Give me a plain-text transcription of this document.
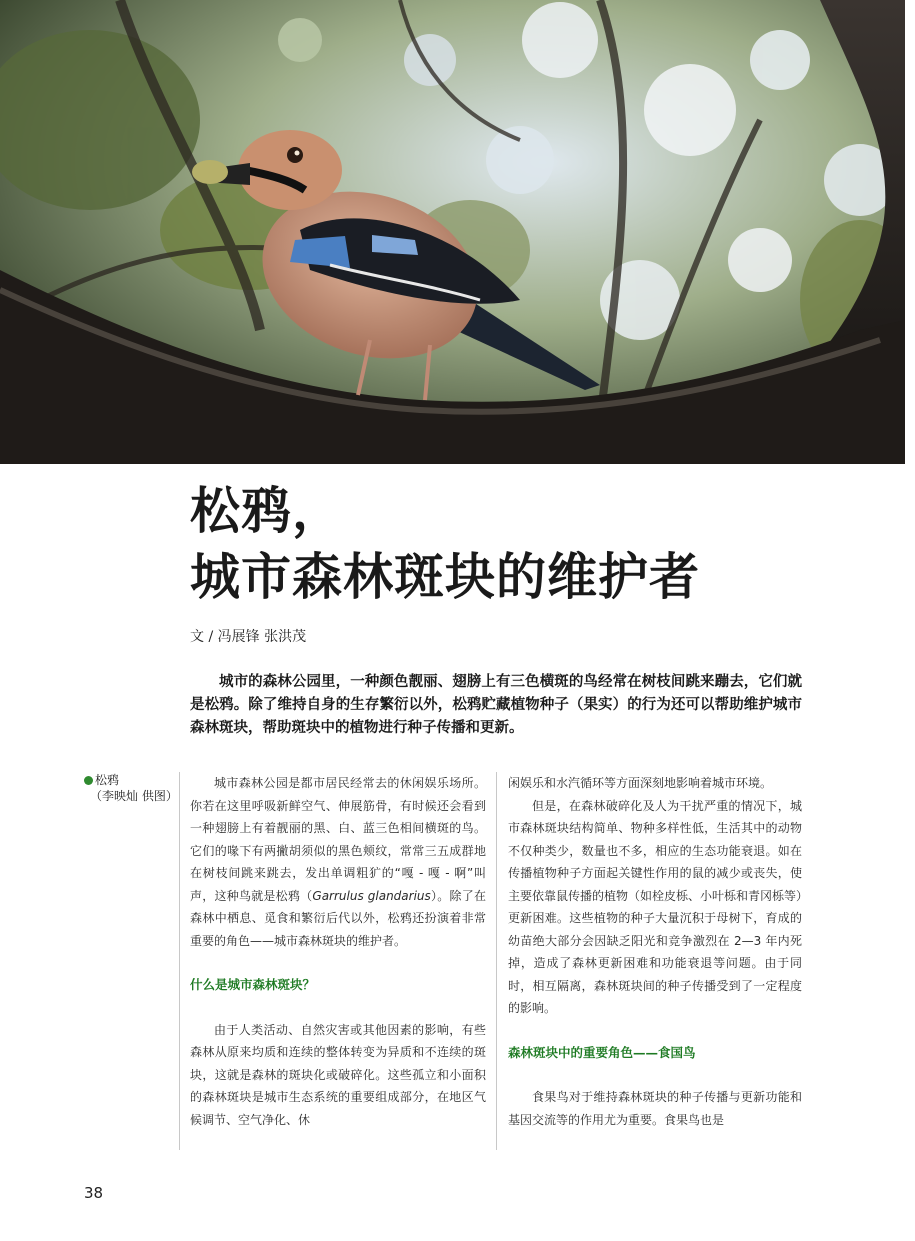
松鸦，
城市森林斑块的维护者
文 / 冯展锋 张洪茂

城市的森林公园里，一种颜色靓丽、翅膀上有三色横斑的鸟经常在树枝间跳来蹦去，它们就是松鸦。除了维持自身的生存繁衍以外，松鸦贮藏植物种子（果实）的行为还可以帮助维护城市森林斑块，帮助斑块中的植物进行种子传播和更新。

松鸦
（李映灿 供图）

城市森林公园是都市居民经常去的休闲娱乐场所。你若在这里呼吸新鲜空气、伸展筋骨，有时候还会看到一种翅膀上有着靓丽的黑、白、蓝三色相间横斑的鸟。它们的喙下有两撇胡须似的黑色颊纹，常常三五成群地在树枝间跳来跳去，发出单调粗犷的“嘎 - 嘎 - 啊”叫声，这种鸟就是松鸦（Garrulus glandarius）。除了在森林中栖息、觅食和繁衍后代以外，松鸦还扮演着非常重要的角色——城市森林斑块的维护者。

什么是城市森林斑块？

由于人类活动、自然灾害或其他因素的影响，有些森林从原来均质和连续的整体转变为异质和不连续的斑块，这就是森林的斑块化或破碎化。这些孤立和小面积的森林斑块是城市生态系统的重要组成部分，在地区气候调节、空气净化、休

闲娱乐和水汽循环等方面深刻地影响着城市环境。

但是，在森林破碎化及人为干扰严重的情况下，城市森林斑块结构简单、物种多样性低，生活其中的动物不仅种类少，数量也不多，相应的生态功能衰退。如在传播植物种子方面起关键性作用的鼠的减少或丧失，使主要依靠鼠传播的植物（如栓皮栎、小叶栎和青冈栎等）更新困难。这些植物的种子大量沉积于母树下，育成的幼苗绝大部分会因缺乏阳光和竞争激烈在 2—3 年内死掉，造成了森林更新困难和功能衰退等问题。由于同时，相互隔离，森林斑块间的种子传播受到了一定程度的影响。

森林斑块中的重要角色——食国鸟

食果鸟对于维持森林斑块的种子传播与更新功能和基因交流等的作用尤为重要。食果鸟也是

38
